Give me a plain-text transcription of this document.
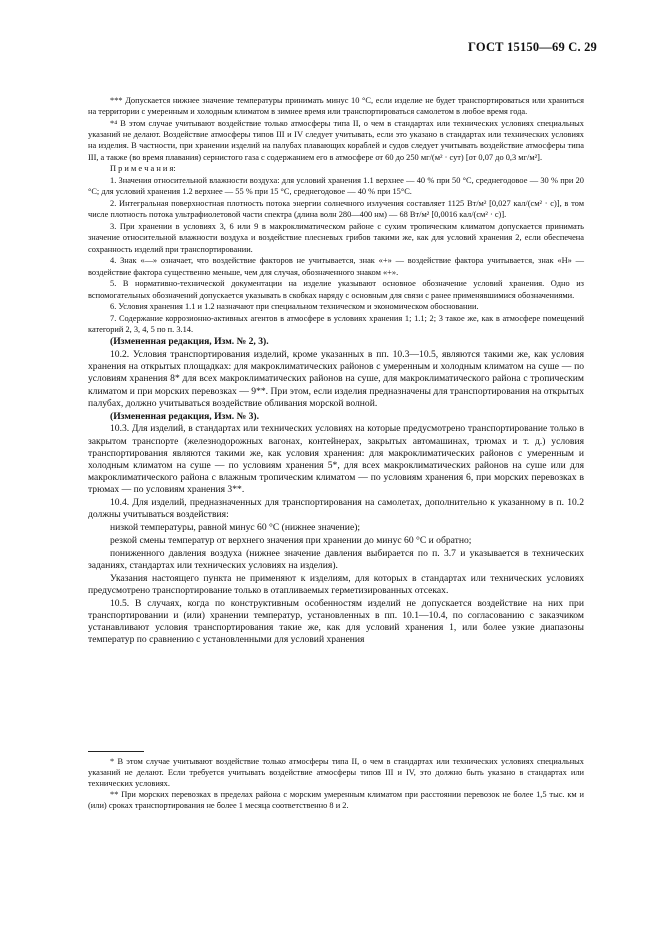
ГОСТ 15150—69 С. 29

*** Допускается нижнее значение температуры принимать минус 10 °С, если изделие не будет транспортироваться или храниться на территории с умеренным и холодным климатом в зимнее время или транспортироваться самолетом в любое время года.

*⁴ В этом случае учитывают воздействие только атмосферы типа II, о чем в стандартах или технических условиях специальных указаний не делают. Воздействие атмосферы типов III и IV следует учитывать, если это указано в стандартах или технических условиях на изделия. В частности, при хранении изделий на палубах плавающих кораблей и судов следует учитывать воздействие атмосферы типа III, а также (во время плавания) сернистого газа с содержанием его в атмосфере от 60 до 250 мг/(м² · сут) [от 0,07 до 0,3 мг/м²].

П р и м е ч а н и я:

1. Значения относительной влажности воздуха: для условий хранения 1.1 верхнее — 40 % при 50 °С, среднегодовое — 30 % при 20 °С; для условий хранения 1.2 верхнее — 55 % при 15 °С, среднегодовое — 40 % при 15°С.

2. Интегральная поверхностная плотность потока энергии солнечного излучения составляет 1125 Вт/м² [0,027 кал/(см² · с)], в том числе плотность потока ультрафиолетовой части спектра (длина волн 280—400 нм) — 68 Вт/м² [0,0016 кал/(см² · с)].

3. При хранении в условиях 3, 6 или 9 в макроклиматическом районе с сухим тропическим климатом допускается принимать значение относительной влажности воздуха и воздействие плесневых грибов такими же, как для условий хранения 2, если обеспечена сохранность изделий при транспортировании.

4. Знак «—» означает, что воздействие факторов не учитывается, знак «+» — воздействие фактора учитывается, знак «Н» — воздействие фактора существенно меньше, чем для случая, обозначенного знаком «+».

5. В нормативно-технической документации на изделие указывают основное обозначение условий хранения. Одно из вспомогательных обозначений допускается указывать в скобках наряду с основным для связи с ранее применявшимися обозначениями.

6. Условия хранения 1.1 и 1.2 назначают при специальном техническом и экономическом обосновании.

7. Содержание коррозионно-активных агентов в атмосфере в условиях хранения 1; 1.1; 2; 3 такое же, как в атмосфере помещений категорий 2, 3, 4, 5 по п. 3.14.

(Измененная редакция, Изм. № 2, 3).

10.2. Условия транспортирования изделий, кроме указанных в пп. 10.3—10.5, являются такими же, как условия хранения на открытых площадках: для макроклиматических районов с умеренным и холодным климатом на суше — по условиям хранения 8* для всех макроклиматических районов на суше, для макроклиматического района с тропическим климатом и при морских перевозках — 9**. При этом, если изделия предназначены для транспортирования на открытых палубах, должно учитываться воздействие обливания морской волной.

(Измененная редакция, Изм. № 3).

10.3. Для изделий, в стандартах или технических условиях на которые предусмотрено транспортирование только в закрытом транспорте (железнодорожных вагонах, контейнерах, закрытых автомашинах, трюмах и т. д.) условия транспортирования являются такими же, как условия хранения: для макроклиматических районов с умеренным и холодным климатом на суше — по условиям хранения 5*, для всех макроклиматических районов на суше или для макроклиматического района с влажным тропическим климатом — по условиям хранения 6, при морских перевозках в трюмах — по условиям хранения 3**.

10.4. Для изделий, предназначенных для транспортирования на самолетах, дополнительно к указанному в п. 10.2 должны учитываться воздействия:

низкой температуры, равной минус 60 °С (нижнее значение);

резкой смены температур от верхнего значения при хранении до минус 60 °С и обратно;

пониженного давления воздуха (нижнее значение давления выбирается по п. 3.7 и указывается в технических заданиях, стандартах или технических условиях на изделия).

Указания настоящего пункта не применяют к изделиям, для которых в стандартах или технических условиях предусмотрено транспортирование только в отапливаемых герметизированных отсеках.

10.5. В случаях, когда по конструктивным особенностям изделий не допускается воздействие на них при транспортировании и (или) хранении температур, установленных в пп. 10.1—10.4, по согласованию с заказчиком устанавливают условия транспортирования такие же, как для условий хранения 1, или более узкие диапазоны температур по сравнению с установленными для условий хранения

* В этом случае учитывают воздействие только атмосферы типа II, о чем в стандартах или технических условиях специальных указаний не делают. Если требуется учитывать воздействие атмосферы типов III и IV, это должно быть указано в стандартах или технических условиях.

** При морских перевозках в пределах района с морским умеренным климатом при расстоянии перевозок не более 1,5 тыс. км и (или) сроках транспортирования не более 1 месяца соответственно 8 и 2.
